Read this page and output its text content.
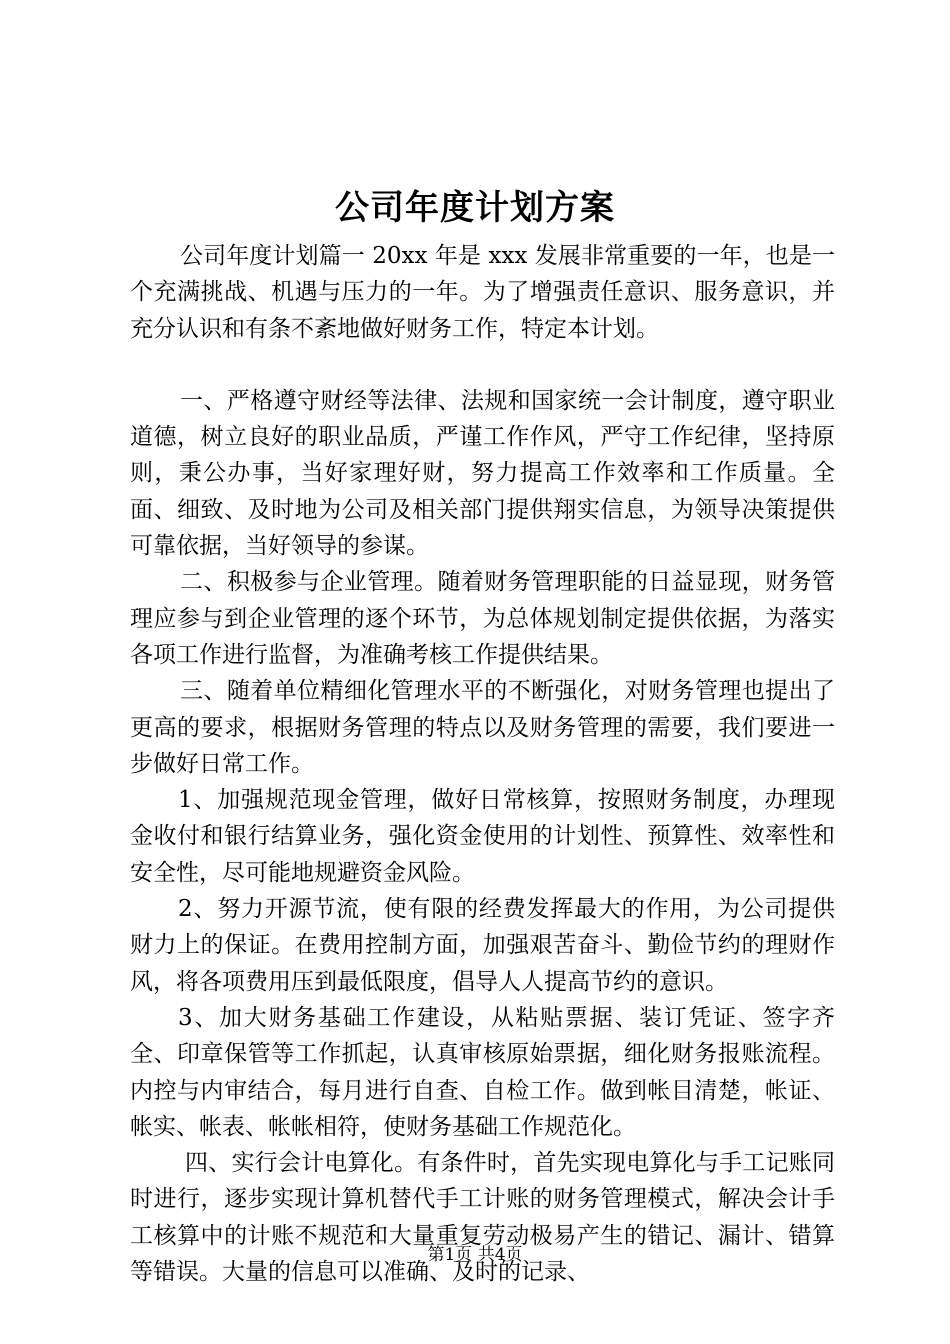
公司年度计划方案

公司年度计划篇一 20xx 年是 xxx 发展非常重要的一年，也是一个充满挑战、机遇与压力的一年。为了增强责任意识、服务意识，并充分认识和有条不紊地做好财务工作，特定本计划。

一、严格遵守财经等法律、法规和国家统一会计制度，遵守职业道德，树立良好的职业品质，严谨工作作风，严守工作纪律，坚持原则，秉公办事，当好家理好财，努力提高工作效率和工作质量。全面、细致、及时地为公司及相关部门提供翔实信息，为领导决策提供可靠依据，当好领导的参谋。

二、积极参与企业管理。随着财务管理职能的日益显现，财务管理应参与到企业管理的逐个环节，为总体规划制定提供依据，为落实各项工作进行监督，为准确考核工作提供结果。

三、随着单位精细化管理水平的不断强化，对财务管理也提出了更高的要求，根据财务管理的特点以及财务管理的需要，我们要进一步做好日常工作。

1、加强规范现金管理，做好日常核算，按照财务制度，办理现金收付和银行结算业务，强化资金使用的计划性、预算性、效率性和安全性，尽可能地规避资金风险。

2、努力开源节流，使有限的经费发挥最大的作用，为公司提供财力上的保证。在费用控制方面，加强艰苦奋斗、勤俭节约的理财作风，将各项费用压到最低限度，倡导人人提高节约的意识。

3、加大财务基础工作建设，从粘贴票据、装订凭证、签字齐全、印章保管等工作抓起，认真审核原始票据，细化财务报账流程。内控与内审结合，每月进行自查、自检工作。做到帐目清楚，帐证、帐实、帐表、帐帐相符，使财务基础工作规范化。

四、实行会计电算化。有条件时，首先实现电算化与手工记账同时进行，逐步实现计算机替代手工计账的财务管理模式，解决会计手工核算中的计账不规范和大量重复劳动极易产生的错记、漏计、错算等错误。大量的信息可以准确、及时的记录、

第1页 共4页
